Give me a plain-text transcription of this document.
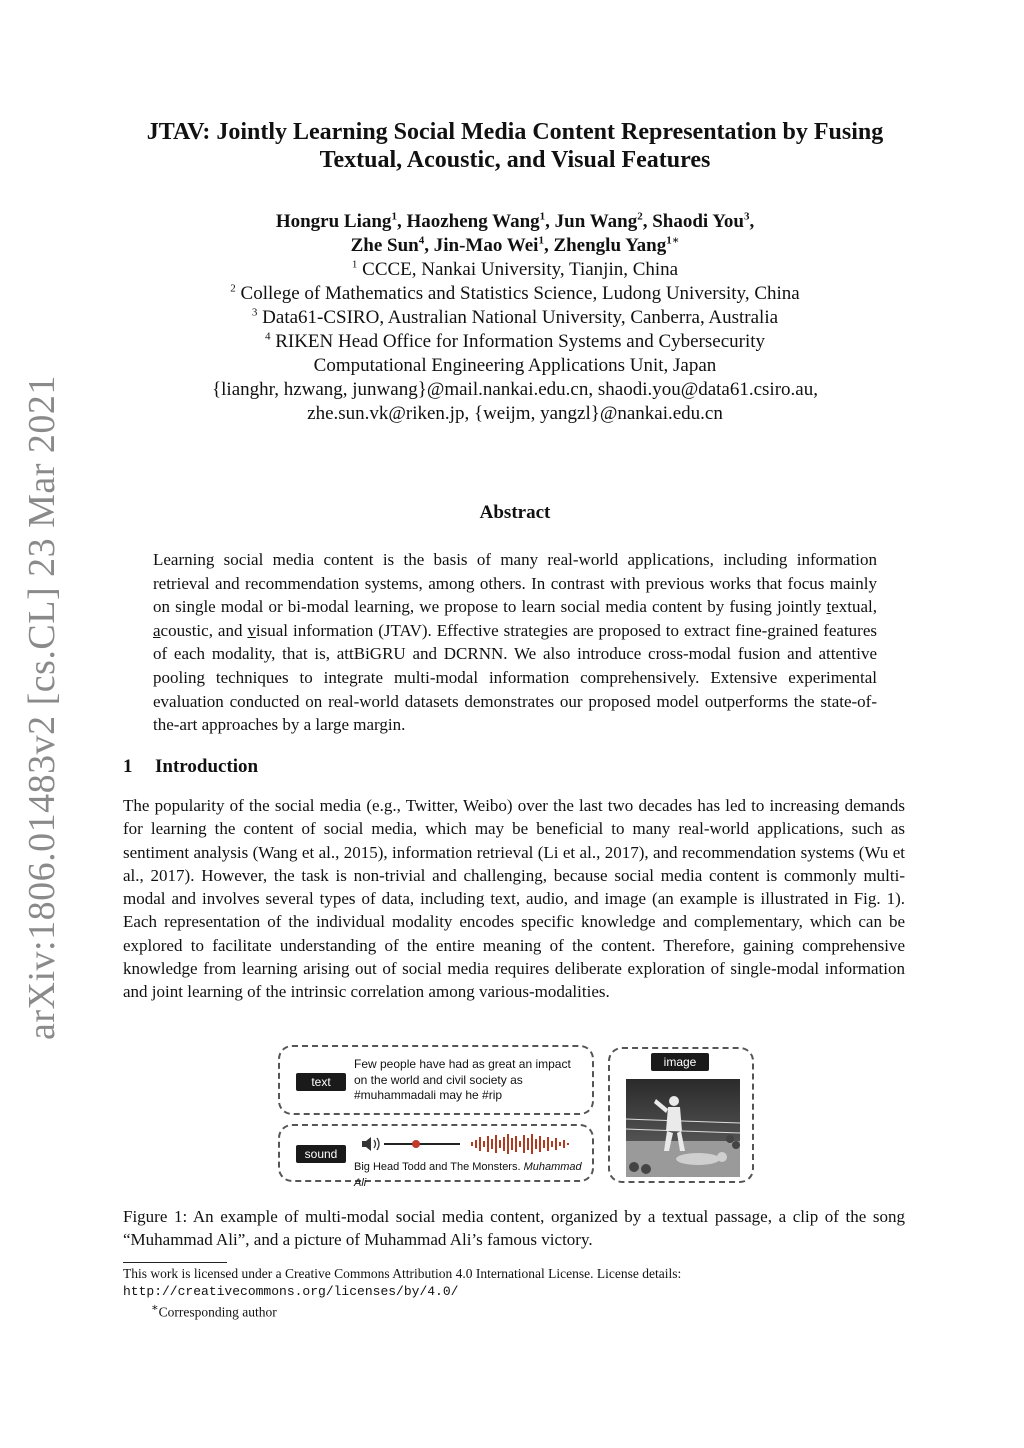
arXiv:1806.01483v2 [cs.CL] 23 Mar 2021
JTAV: Jointly Learning Social Media Content Representation by Fusing
Textual, Acoustic, and Visual Features
Hongru Liang$^1$, Haozheng Wang$^1$, Jun Wang$^2$, Shaodi You$^3$,
Zhe Sun$^4$, Jin-Mao Wei$^1$, Zhenglu Yang$^{1∗}$
$^1$ CCCE, Nankai University, Tianjin, China
$^2$ College of Mathematics and Statistics Science, Ludong University, China
$^3$ Data61-CSIRO, Australian National University, Canberra, Australia
$^4$ RIKEN Head Office for Information Systems and Cybersecurity
Computational Engineering Applications Unit, Japan
{lianghr, hzwang, junwang}@mail.nankai.edu.cn, shaodi.you@data61.csiro.au,
zhe.sun.vk@riken.jp, {weijm, yangzl}@nankai.edu.cn
Abstract
Learning social media content is the basis of many real-world applications, including information retrieval and recommendation systems, among others. In contrast with previous works that focus mainly on single modal or bi-modal learning, we propose to learn social media content by fusing jointly textual, acoustic, and visual information (JTAV). Effective strategies are proposed to extract fine-grained features of each modality, that is, attBiGRU and DCRNN. We also introduce cross-modal fusion and attentive pooling techniques to integrate multi-modal information comprehensively. Extensive experimental evaluation conducted on real-world datasets demonstrates our proposed model outperforms the state-of-the-art approaches by a large margin.
1 Introduction
The popularity of the social media (e.g., Twitter, Weibo) over the last two decades has led to increasing demands for learning the content of social media, which may be beneficial to many real-world applications, such as sentiment analysis (Wang et al., 2015), information retrieval (Li et al., 2017), and recommendation systems (Wu et al., 2017). However, the task is non-trivial and challenging, because social media content is commonly multi-modal and involves several types of data, including text, audio, and image (an example is illustrated in Fig. 1). Each representation of the individual modality encodes specific knowledge and complementary, which can be explored to facilitate understanding of the entire meaning of the content. Therefore, gaining comprehensive knowledge from learning arising out of social media requires deliberate exploration of single-modal information and joint learning of the intrinsic correlation among various-modalities.
text
Few people have had as great an impact
on the world and civil society as
#muhammadali may he #rip
sound
Big Head Todd and The Monsters. Muhammad Ali
image
Figure 1: An example of multi-modal social media content, organized by a textual passage, a clip of the song “Muhammad Ali”, and a picture of Muhammad Ali’s famous victory.
This work is licensed under a Creative Commons Attribution 4.0 International License. License details: http://creativecommons.org/licenses/by/4.0/
∗Corresponding author
